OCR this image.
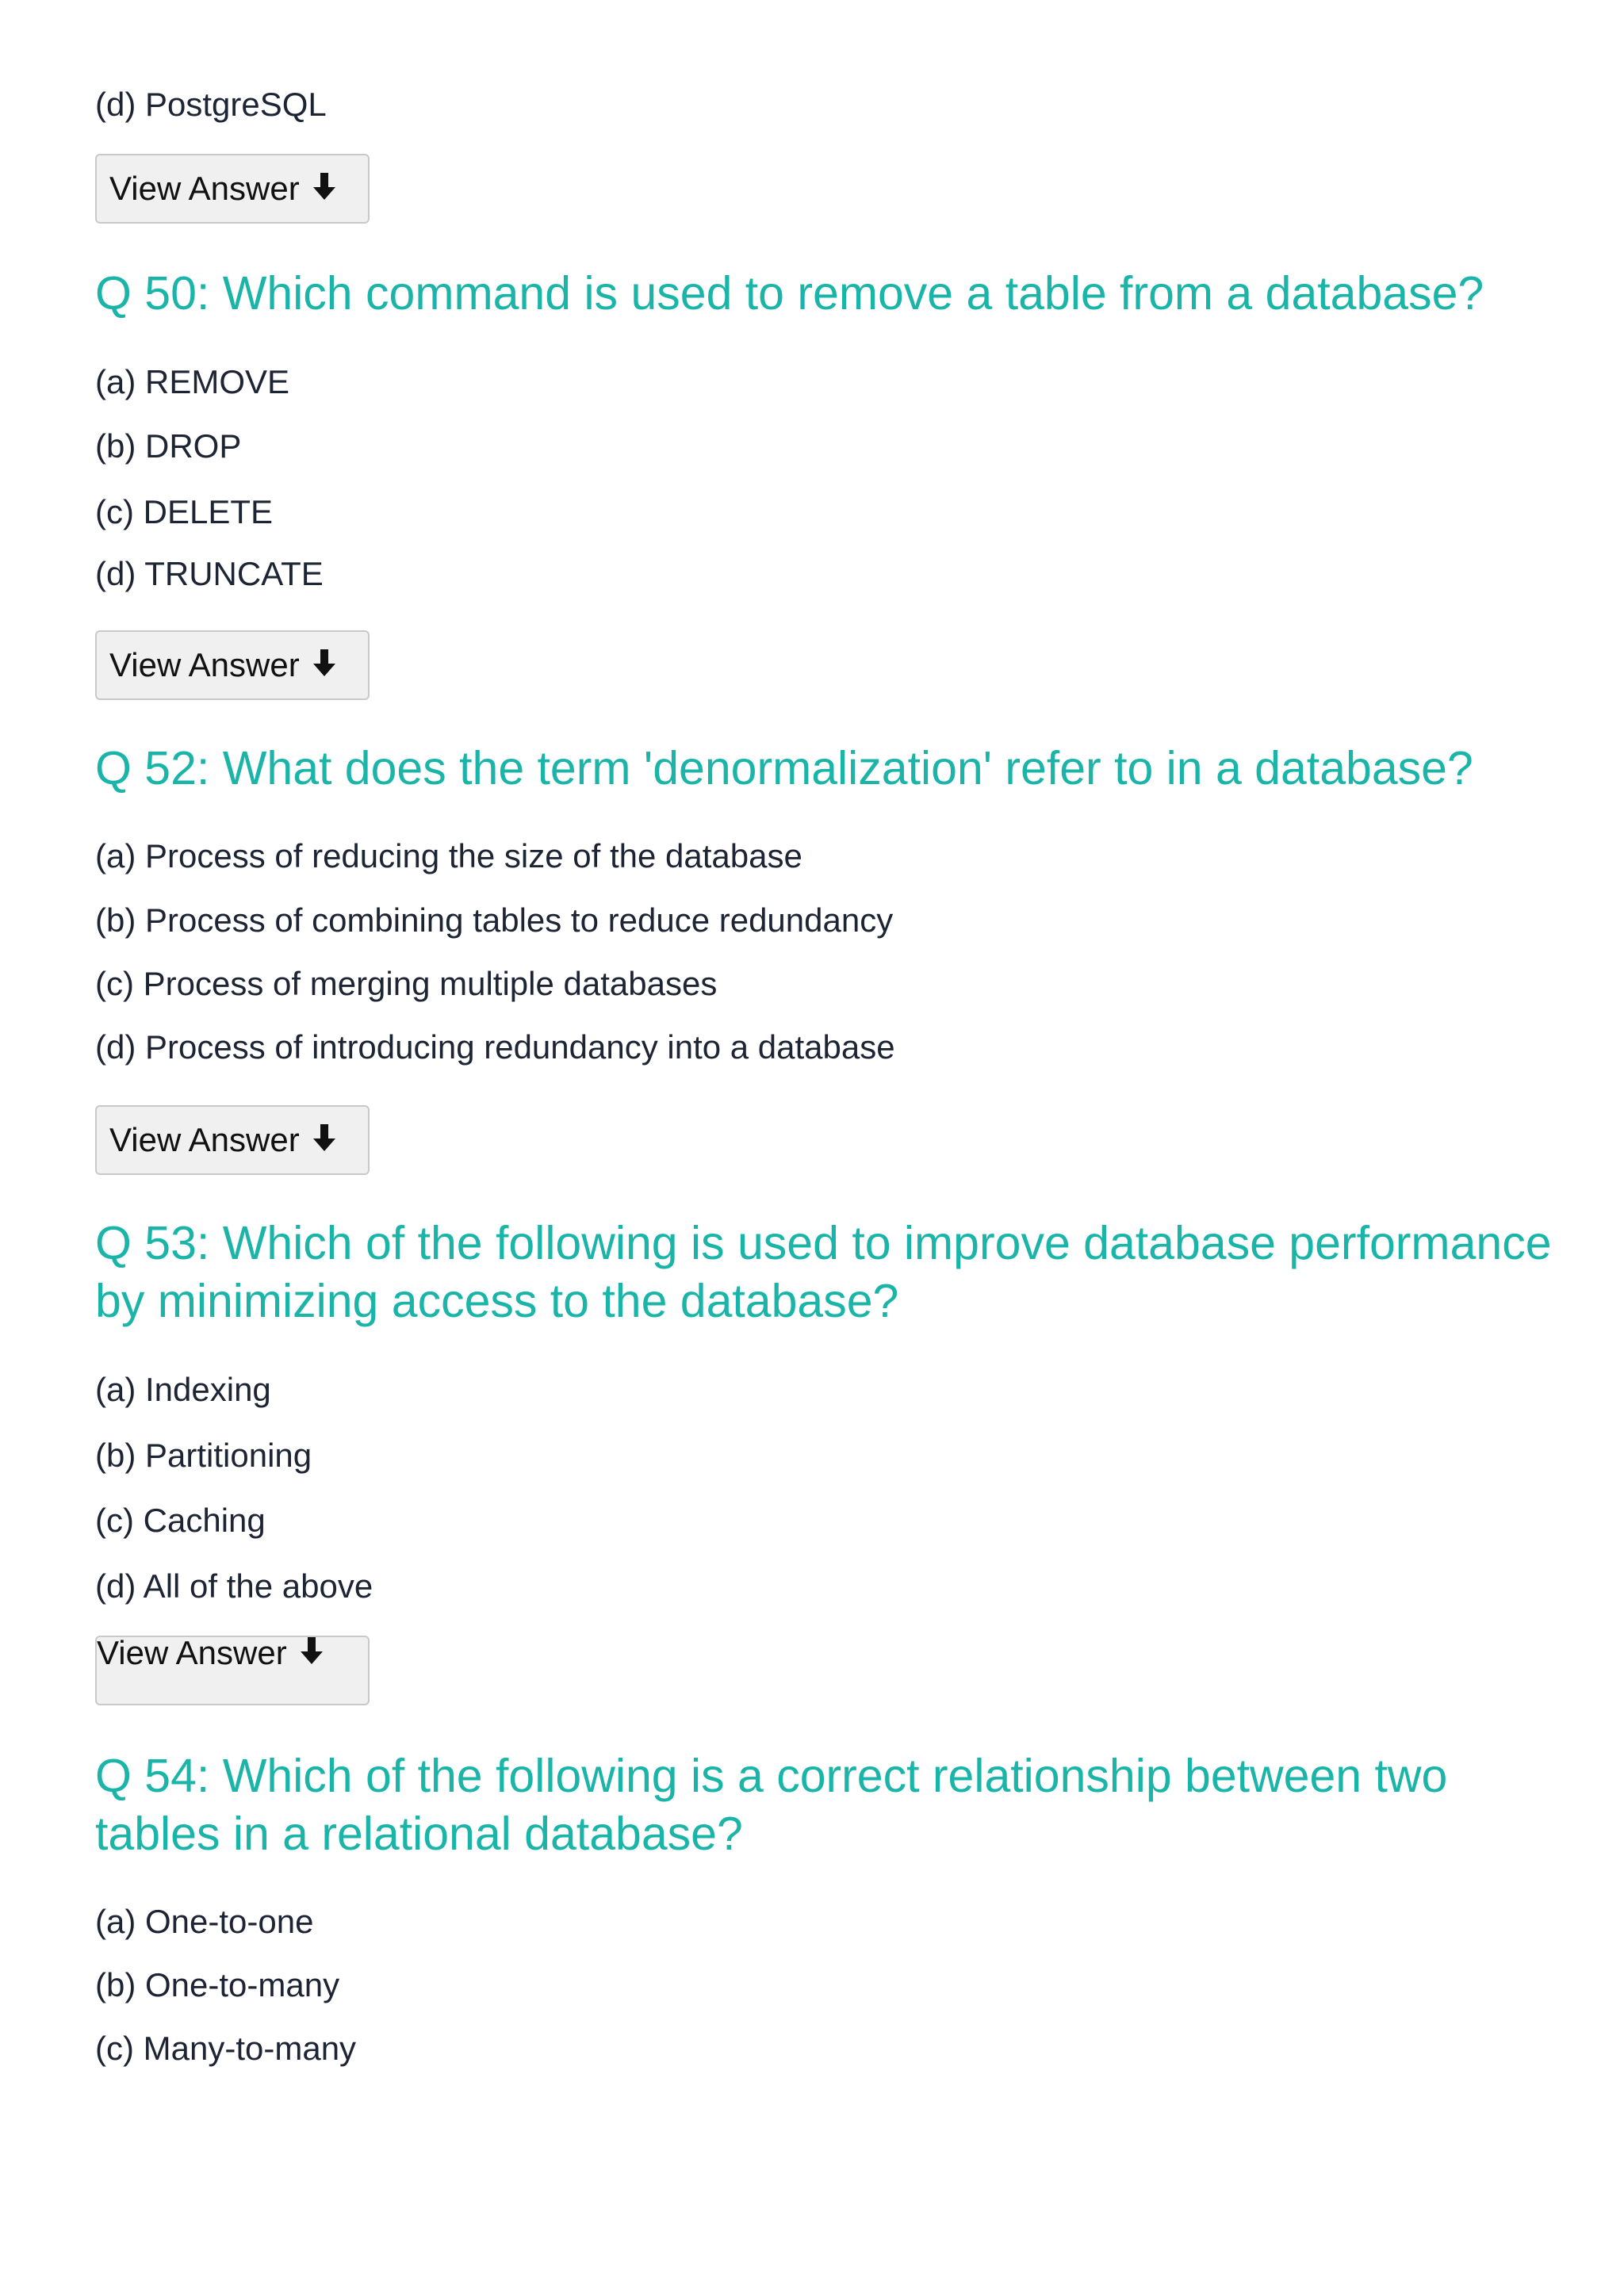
(d) PostgreSQL
View Answer
Q 50: Which command is used to remove a table from a database?
(a) REMOVE
(b) DROP
(c) DELETE
(d) TRUNCATE
View Answer
Q 52: What does the term 'denormalization' refer to in a database?
(a) Process of reducing the size of the database
(b) Process of combining tables to reduce redundancy
(c) Process of merging multiple databases
(d) Process of introducing redundancy into a database
View Answer
Q 53: Which of the following is used to improve database performance by minimizing access to the database?
(a) Indexing
(b) Partitioning
(c) Caching
(d) All of the above
View Answer
Q 54: Which of the following is a correct relationship between two tables in a relational database?
(a) One-to-one
(b) One-to-many
(c) Many-to-many
